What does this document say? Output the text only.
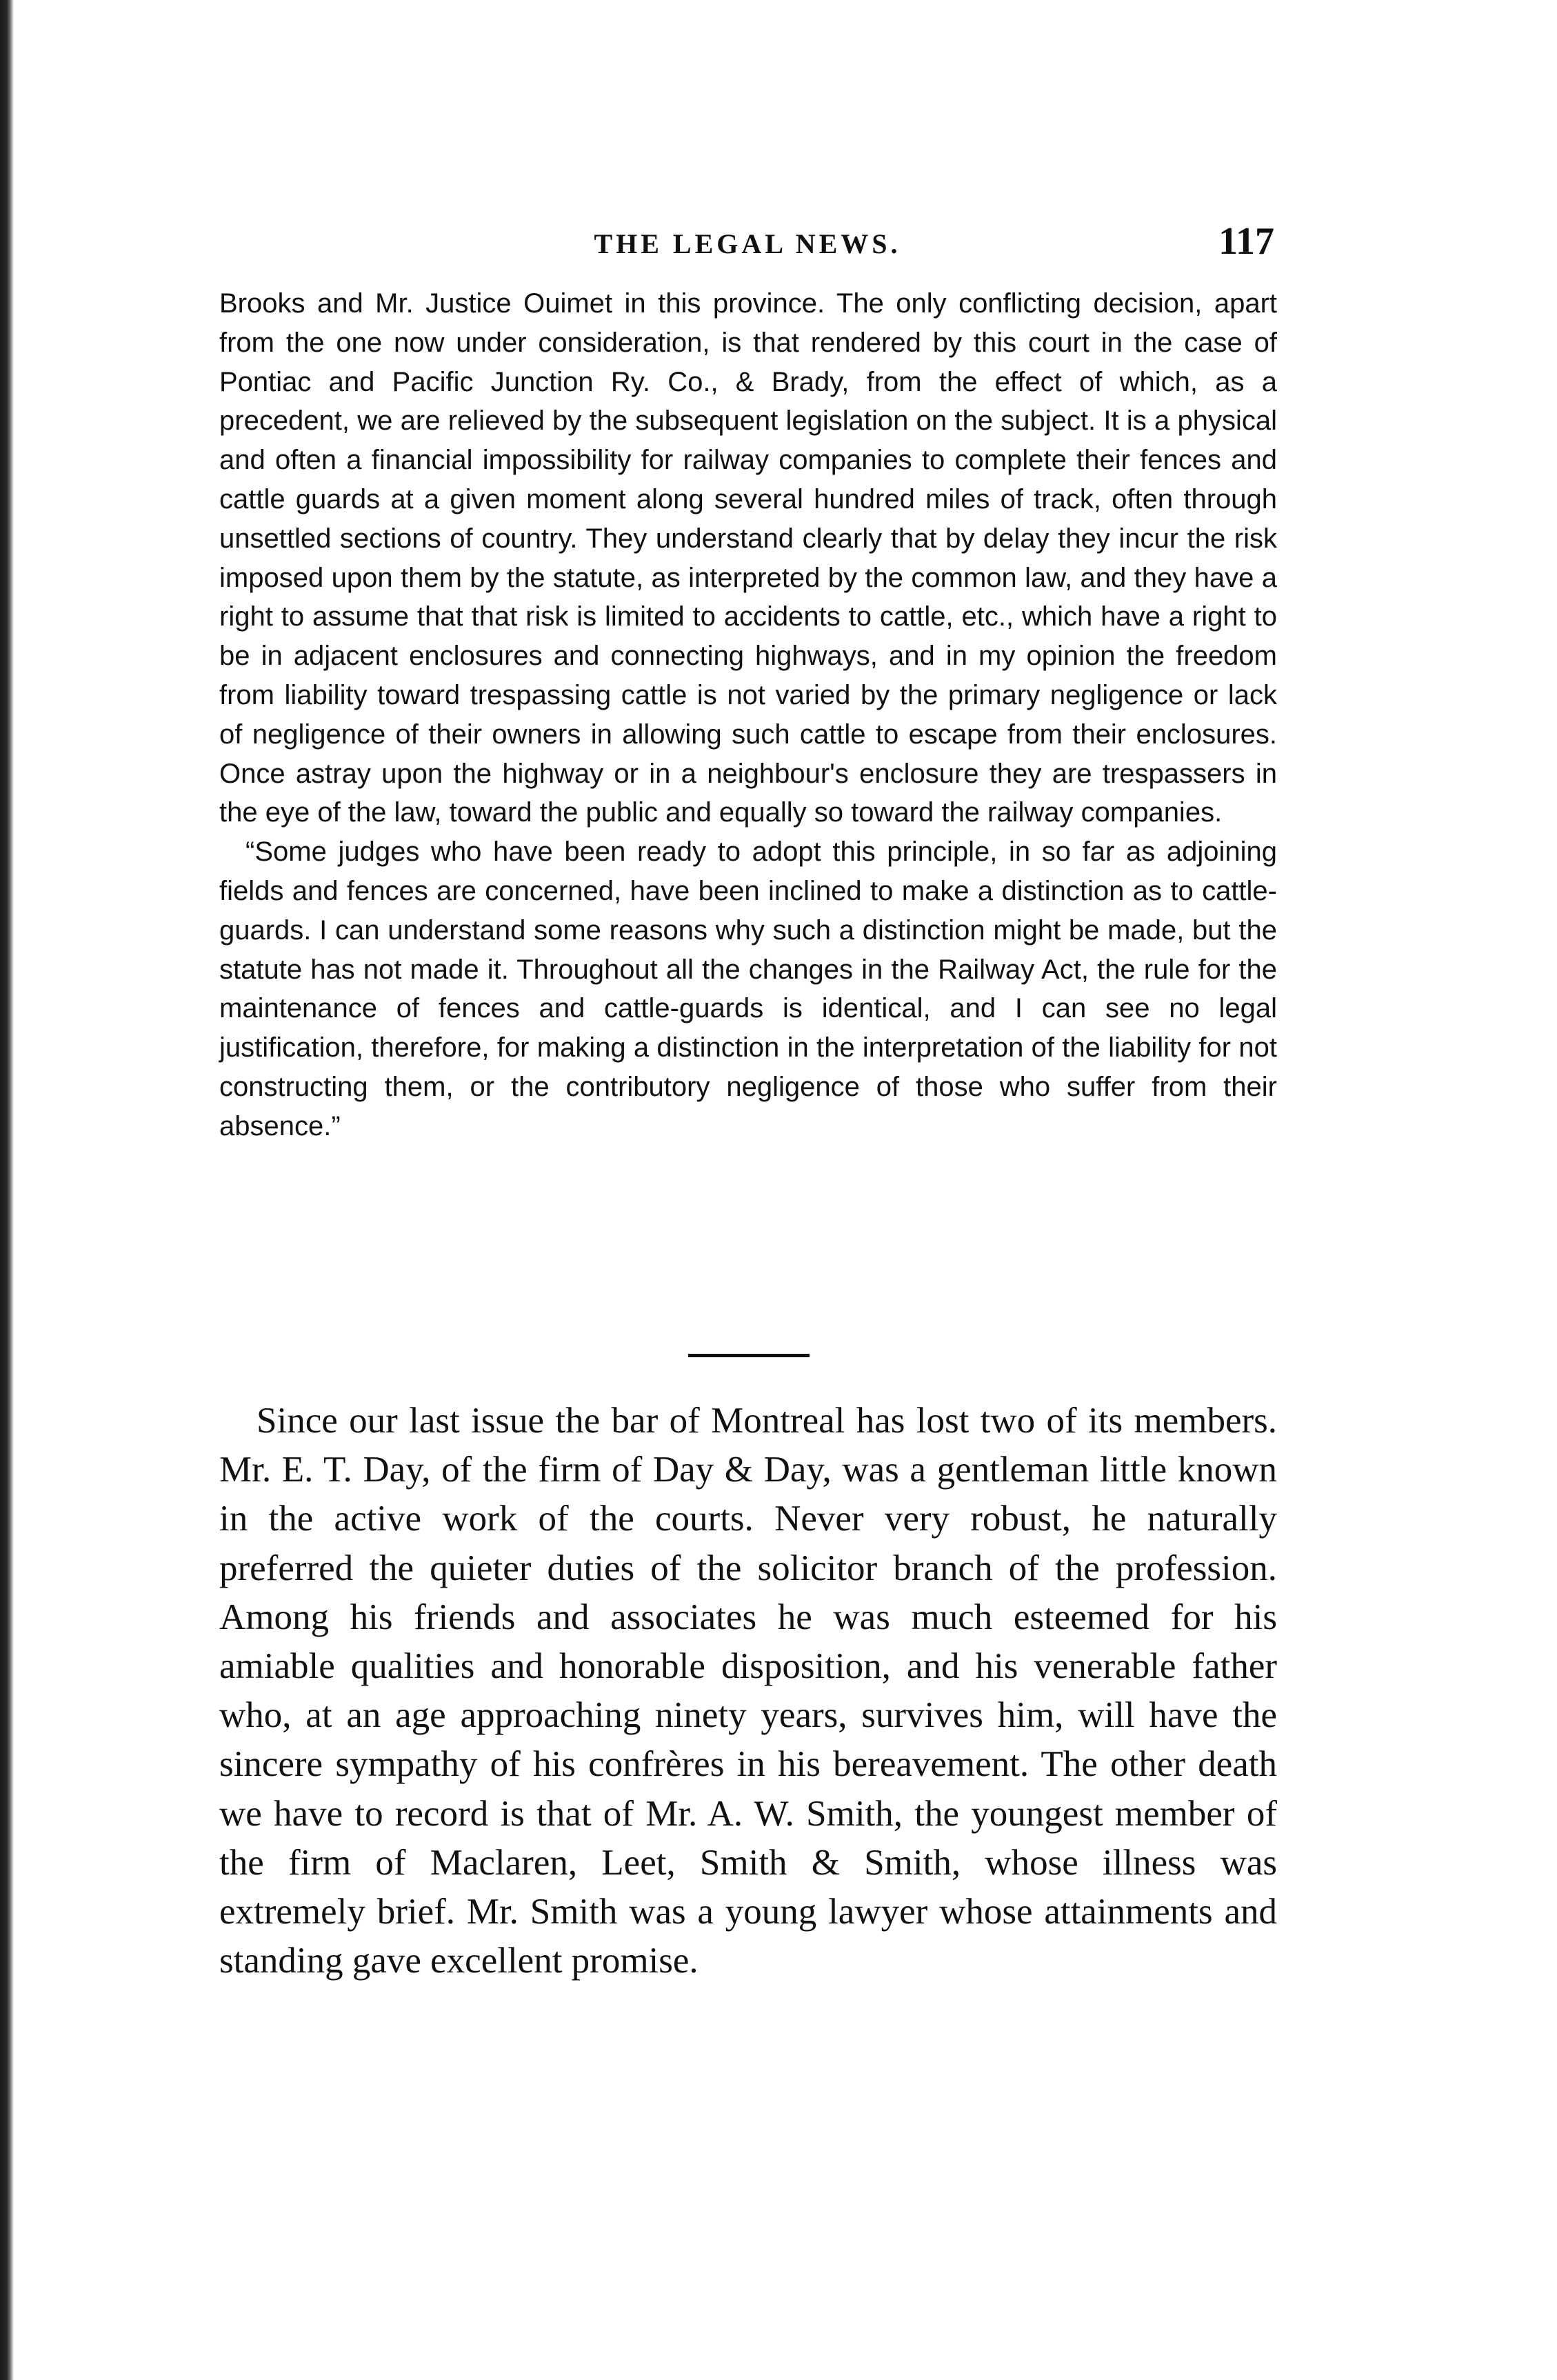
THE LEGAL NEWS.	117

Brooks and Mr. Justice Ouimet in this province. The only conflicting decision, apart from the one now under consideration, is that rendered by this court in the case of Pontiac and Pacific Junction Ry. Co., & Brady, from the effect of which, as a precedent, we are relieved by the subsequent legislation on the subject. It is a physical and often a financial impossibility for railway companies to complete their fences and cattle guards at a given moment along several hundred miles of track, often through unsettled sections of country. They understand clearly that by delay they incur the risk imposed upon them by the statute, as interpreted by the common law, and they have a right to assume that that risk is limited to accidents to cattle, etc., which have a right to be in adjacent enclosures and connecting highways, and in my opinion the freedom from liability toward trespassing cattle is not varied by the primary negligence or lack of negligence of their owners in allowing such cattle to escape from their enclosures. Once astray upon the highway or in a neighbour's enclosure they are trespassers in the eye of the law, toward the public and equally so toward the railway companies.

“Some judges who have been ready to adopt this principle, in so far as adjoining fields and fences are concerned, have been inclined to make a distinction as to cattle-guards. I can understand some reasons why such a distinction might be made, but the statute has not made it. Throughout all the changes in the Railway Act, the rule for the maintenance of fences and cattle-guards is identical, and I can see no legal justification, therefore, for making a distinction in the interpretation of the liability for not constructing them, or the contributory negligence of those who suffer from their absence.”

Since our last issue the bar of Montreal has lost two of its members. Mr. E. T. Day, of the firm of Day & Day, was a gentleman little known in the active work of the courts. Never very robust, he naturally preferred the quieter duties of the solicitor branch of the profession. Among his friends and associates he was much esteemed for his amiable qualities and honorable disposition, and his venerable father who, at an age approaching ninety years, survives him, will have the sincere sympathy of his confrères in his bereavement. The other death we have to record is that of Mr. A. W. Smith, the youngest member of the firm of Maclaren, Leet, Smith & Smith, whose illness was extremely brief. Mr. Smith was a young lawyer whose attainments and standing gave excellent promise.
